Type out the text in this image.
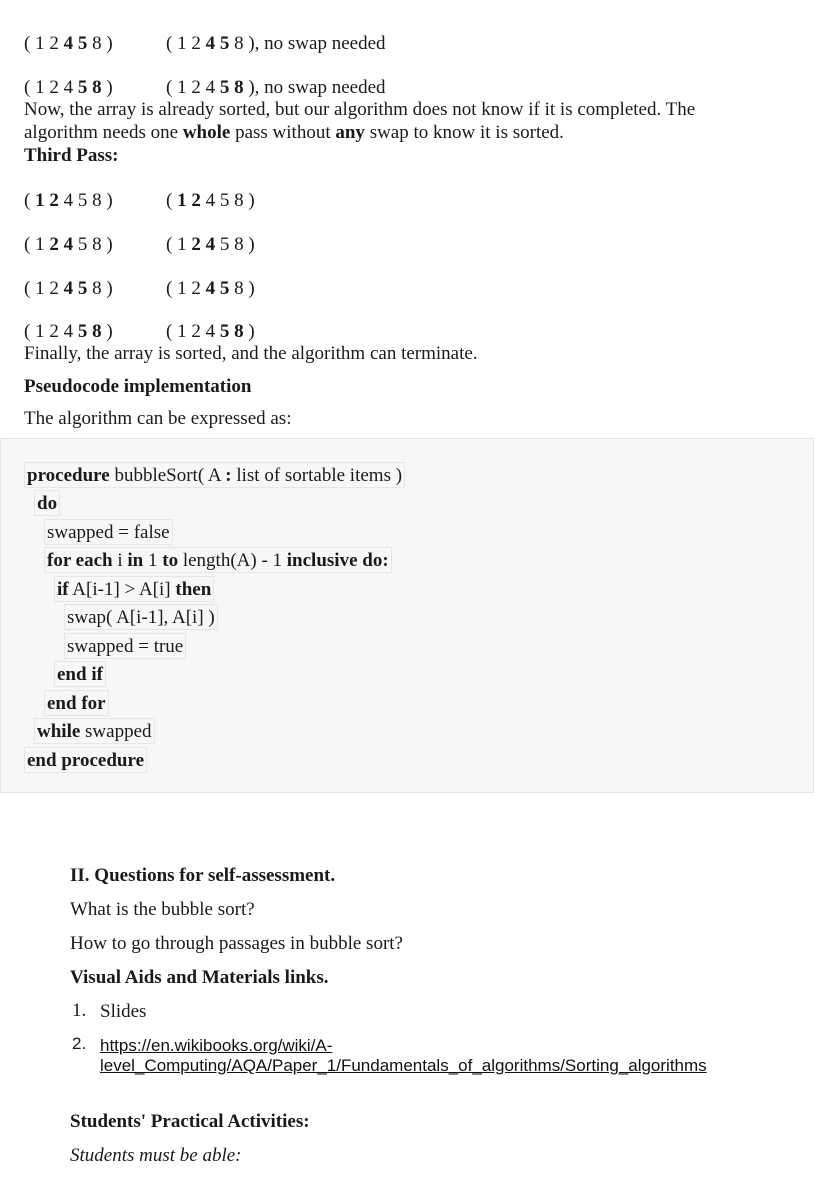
( 1 2 4 5 8 )	( 1 2 4 5 8 ), no swap needed
( 1 2 4 5 8 )	( 1 2 4 5 8 ), no swap needed
Now, the array is already sorted, but our algorithm does not know if it is completed. The
algorithm needs one whole pass without any swap to know it is sorted.
Third Pass:
( 1 2 4 5 8 )	( 1 2 4 5 8 )
( 1 2 4 5 8 )	( 1 2 4 5 8 )
( 1 2 4 5 8 )	( 1 2 4 5 8 )
( 1 2 4 5 8 )	( 1 2 4 5 8 )
Finally, the array is sorted, and the algorithm can terminate.
Pseudocode implementation
The algorithm can be expressed as:
procedure bubbleSort( A : list of sortable items )
do
swapped = false
for each i in 1 to length(A) - 1 inclusive do:
if A[i-1] > A[i] then
swap( A[i-1], A[i] )
swapped = true
end if
end for
while swapped
end procedure
II. Questions for self-assessment.
What is the bubble sort?
How to go through passages in bubble sort?
Visual Aids and Materials links.
1. Slides
2. https://en.wikibooks.org/wiki/A-
level_Computing/AQA/Paper_1/Fundamentals_of_algorithms/Sorting_algorithms
Students' Practical Activities:
Students must be able:
